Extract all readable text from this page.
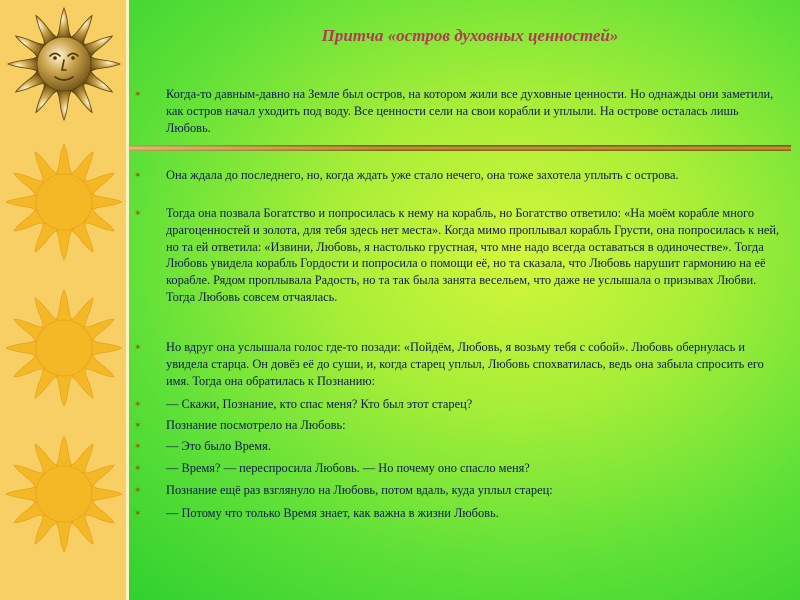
Притча «остров духовных ценностей»

✶	Когда-то давным-давно на Земле был остров, на котором жили все духовные ценности. Но однажды они заметили, как остров начал уходить под воду. Все ценности сели на свои корабли и уплыли. На острове осталась лишь Любовь.

✶	Она ждала до последнего, но, когда ждать уже стало нечего, она тоже захотела уплыть с острова.

✶	Тогда она позвала Богатство и попросилась к нему на корабль, но Богатство ответило: «На моём корабле много драгоценностей и золота, для тебя здесь нет места». Когда мимо проплывал корабль Грусти, она попросилась к ней, но та ей ответила: «Извини, Любовь, я настолько грустная, что мне надо всегда оставаться в одиночестве». Тогда Любовь увидела корабль Гордости и попросила о помощи её, но та сказала, что Любовь нарушит гармонию на её корабле. Рядом проплывала Радость, но та так была занята весельем, что даже не услышала о призывах Любви. Тогда Любовь совсем отчаялась.

✶	Но вдруг она услышала голос где-то позади: «Пойдём, Любовь, я возьму тебя с собой». Любовь обернулась и увидела старца. Он довёз её до суши, и, когда старец уплыл, Любовь спохватилась, ведь она забыла спросить его имя. Тогда она обратилась к Познанию:

✶	— Скажи, Познание, кто спас меня? Кто был этот старец?

✶	Познание посмотрело на Любовь:

✶	— Это было Время.

✶	— Время? — переспросила Любовь. — Но почему оно спасло меня?

✶	Познание ещё раз взглянуло на Любовь, потом вдаль, куда уплыл старец:

✶	— Потому что только Время знает, как важна в жизни Любовь.
